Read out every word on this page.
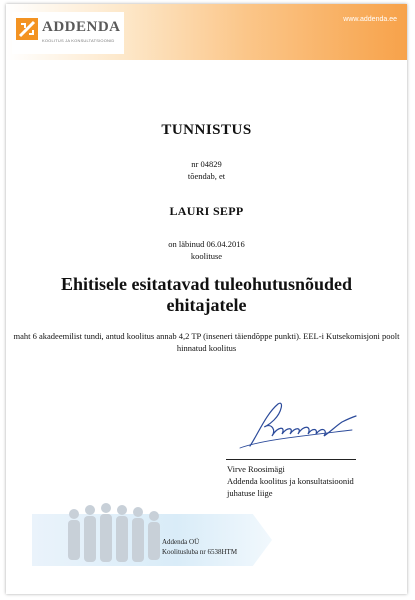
ADDENDA
KOOLITUS JA KONSULTATSIOONID
www.addenda.ee
TUNNISTUS
nr 04829
tõendab, et
LAURI SEPP
on läbinud 06.04.2016
koolituse
Ehitisele esitatavad tuleohutusnõuded ehitajatele
maht 6 akadeemilist tundi, antud koolitus annab 4,2 TP (inseneri täiendõppe punkti). EEL-i Kutsekomisjoni poolt hinnatud koolitus
Virve Roosimägi
Addenda koolitus ja konsultatsioonid
juhatuse liige
Addenda OÜ
Koolitusluba nr 6538HTM
